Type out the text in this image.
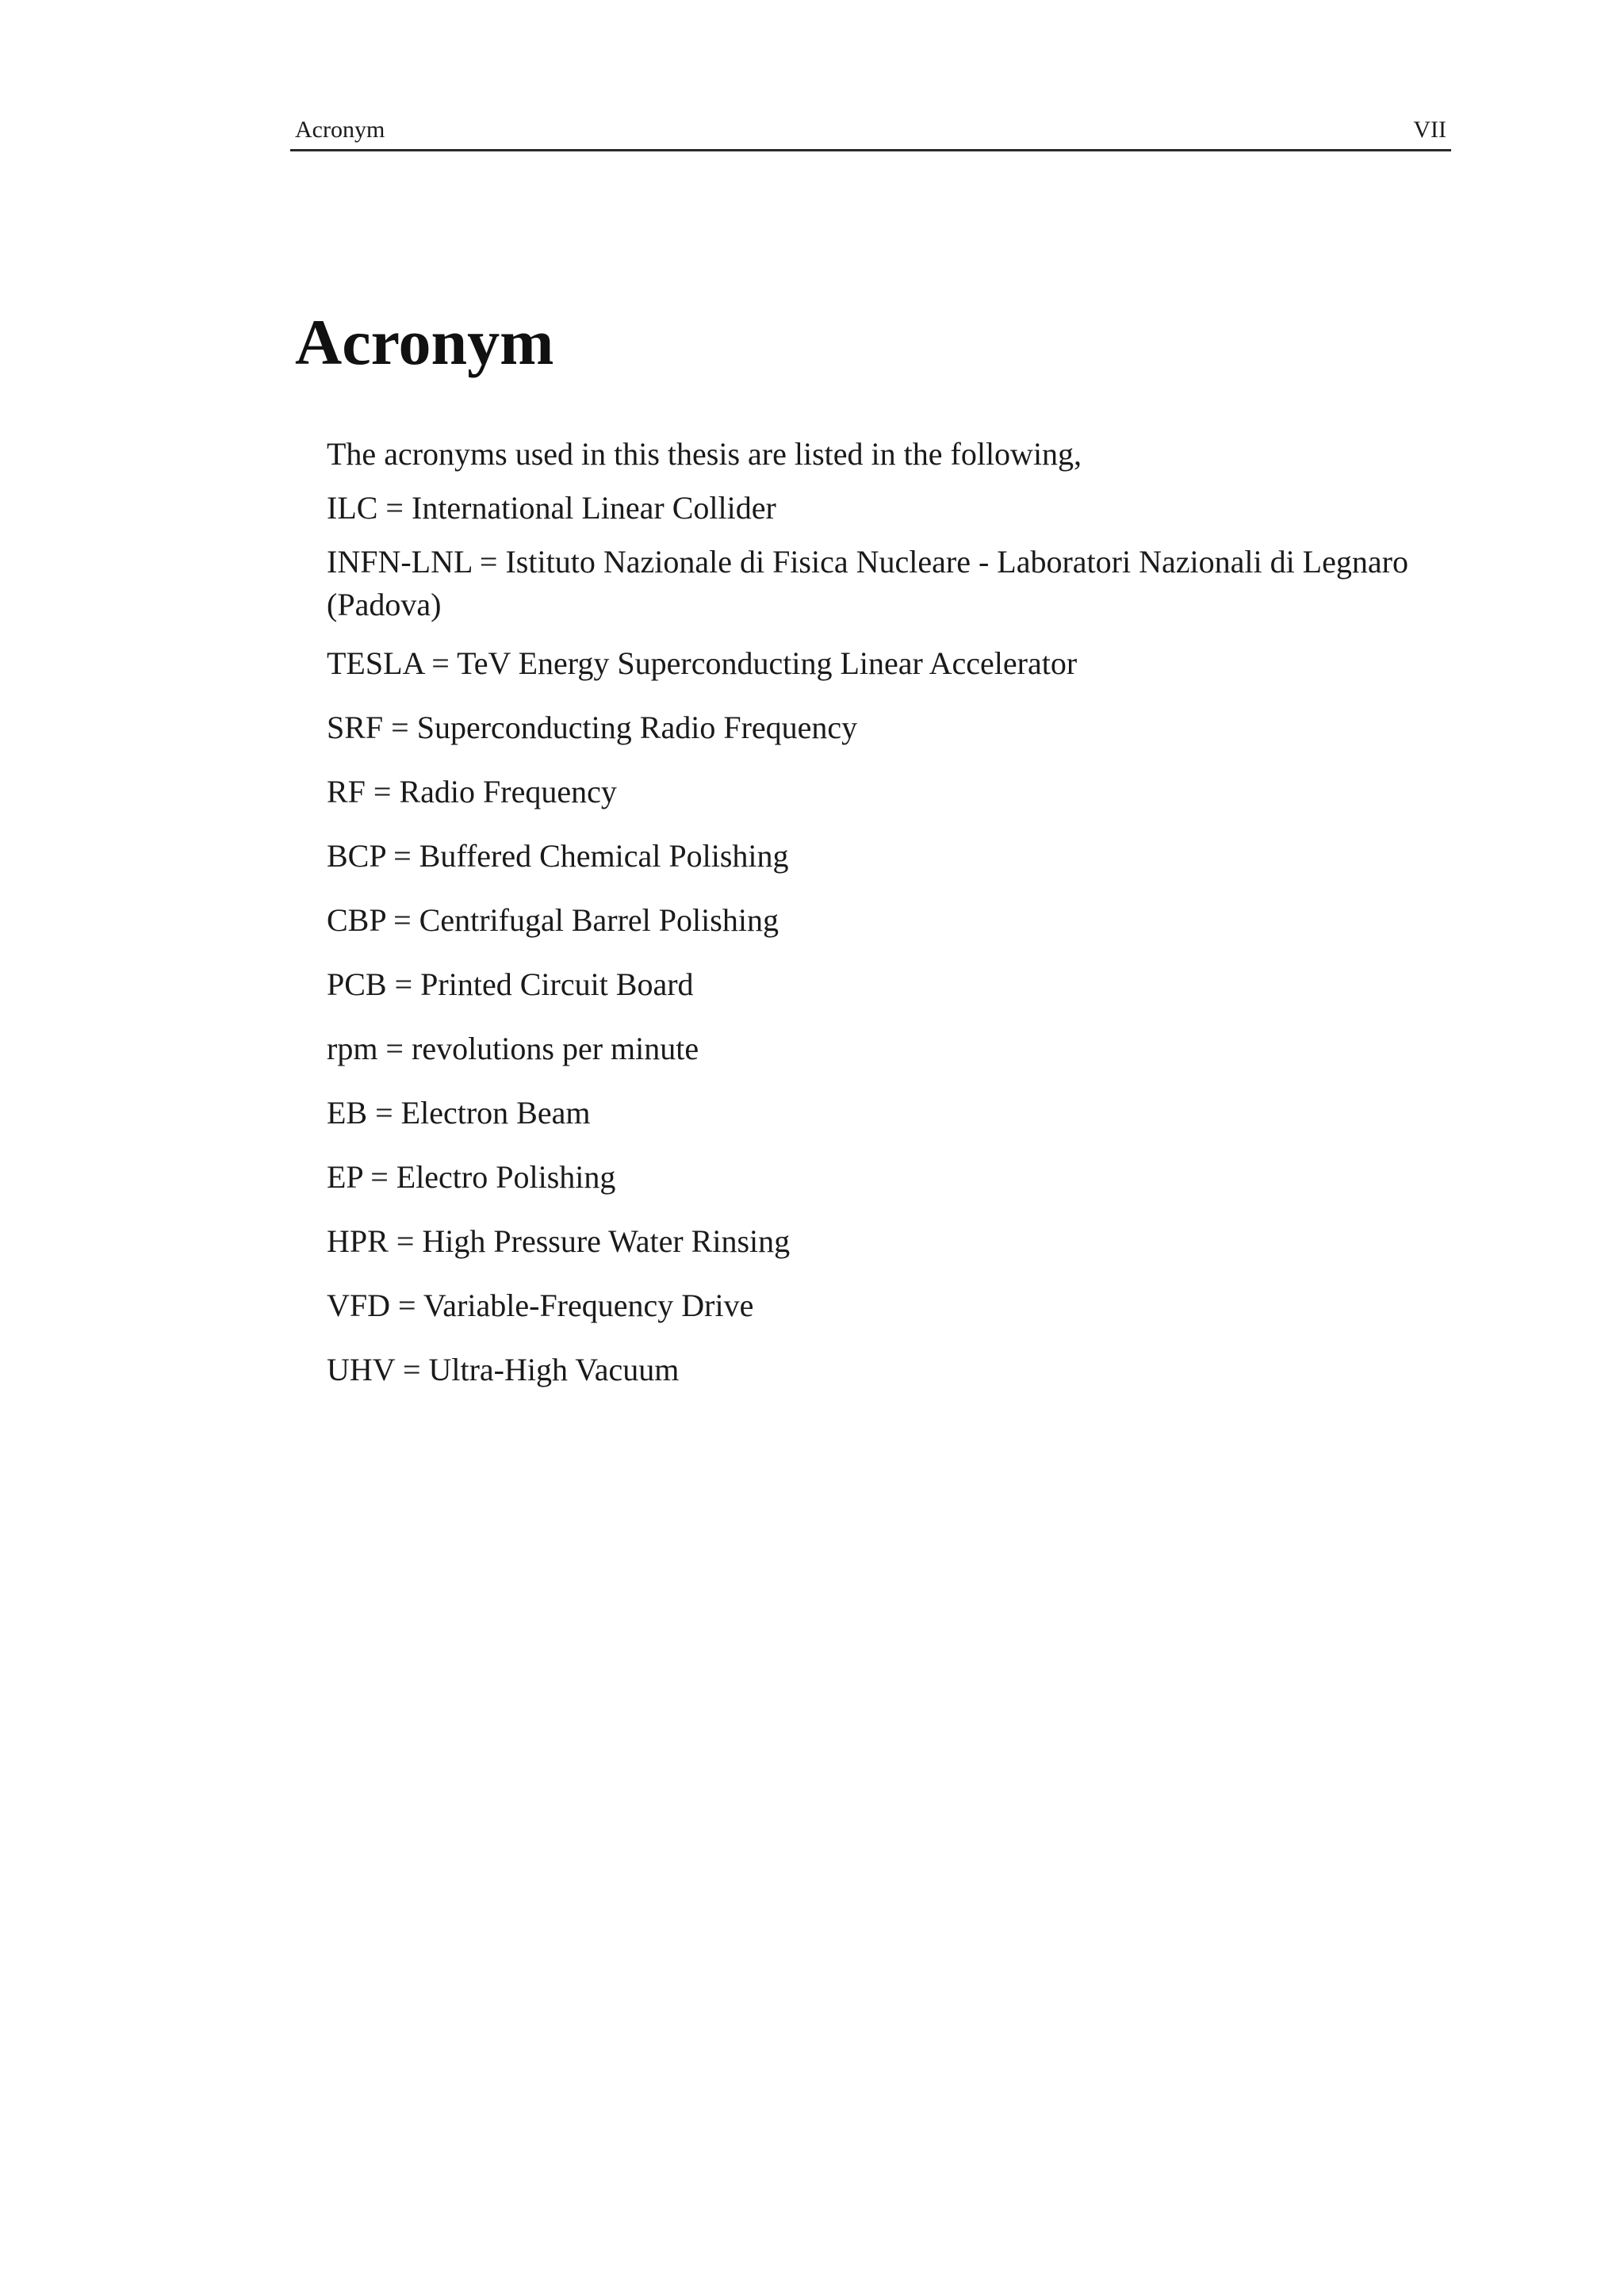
Acronym	VII
Acronym

The acronyms used in this thesis are listed in the following,

ILC = International Linear Collider

INFN-LNL = Istituto Nazionale di Fisica Nucleare - Laboratori Nazionali di Legnaro (Padova)

TESLA = TeV Energy Superconducting Linear Accelerator

SRF = Superconducting Radio Frequency

RF = Radio Frequency

BCP = Buffered Chemical Polishing

CBP = Centrifugal Barrel Polishing

PCB = Printed Circuit Board

rpm = revolutions per minute

EB = Electron Beam

EP = Electro Polishing

HPR = High Pressure Water Rinsing

VFD = Variable-Frequency Drive

UHV = Ultra-High Vacuum
